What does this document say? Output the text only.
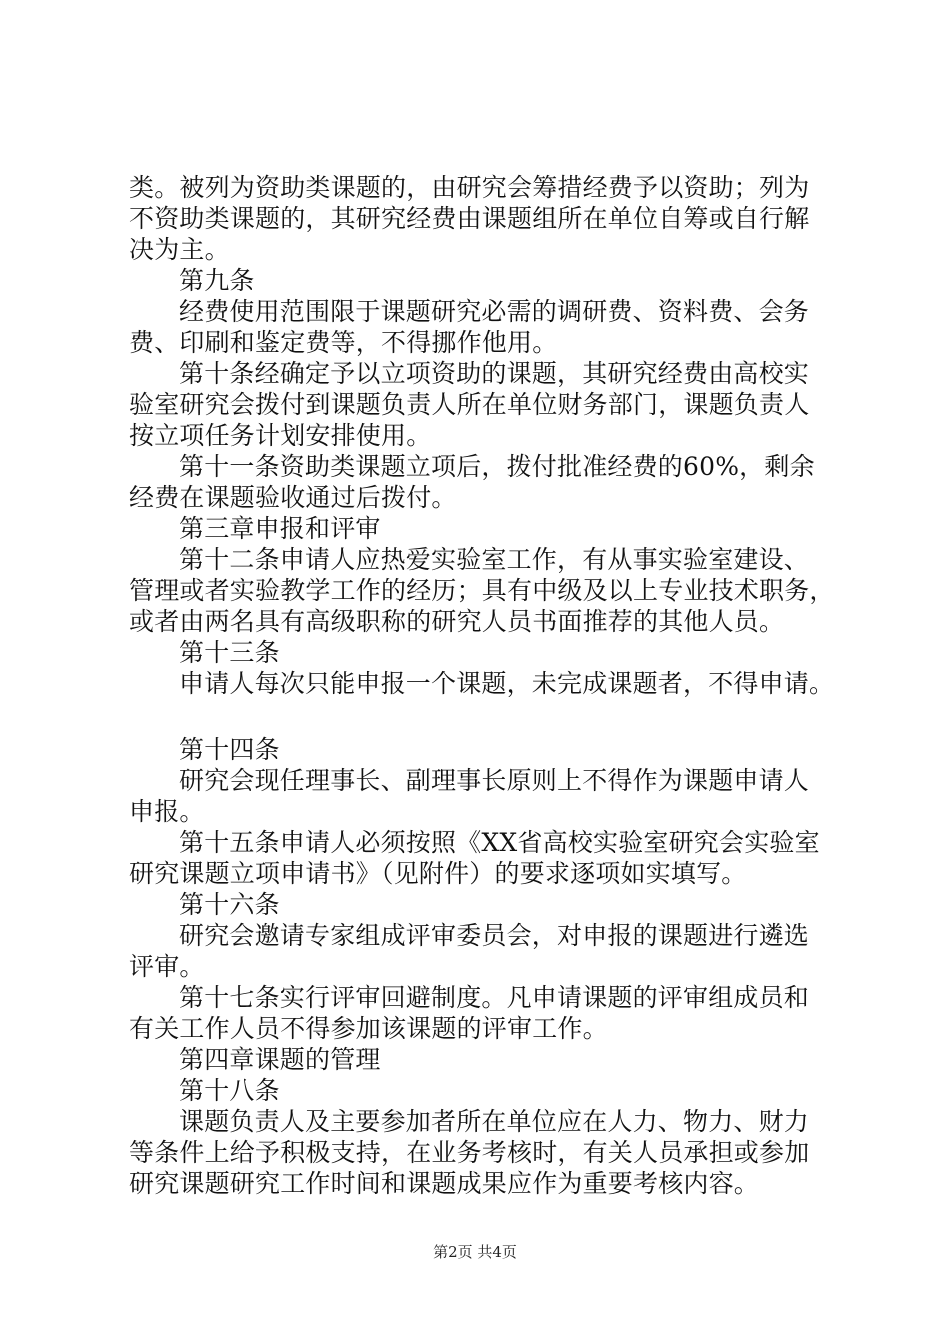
类。被列为资助类课题的，由研究会筹措经费予以资助；列为
不资助类课题的，其研究经费由课题组所在单位自筹或自行解
决为主。
第九条
经费使用范围限于课题研究必需的调研费、资料费、会务
费、印刷和鉴定费等，不得挪作他用。
第十条经确定予以立项资助的课题，其研究经费由高校实
验室研究会拨付到课题负责人所在单位财务部门，课题负责人
按立项任务计划安排使用。
第十一条资助类课题立项后，拨付批准经费的60%，剩余
经费在课题验收通过后拨付。
第三章申报和评审
第十二条申请人应热爱实验室工作，有从事实验室建设、
管理或者实验教学工作的经历；具有中级及以上专业技术职务，
或者由两名具有高级职称的研究人员书面推荐的其他人员。
第十三条
申请人每次只能申报一个课题，未完成课题者，不得申请。
第十四条
研究会现任理事长、副理事长原则上不得作为课题申请人
申报。
第十五条申请人必须按照《XX省高校实验室研究会实验室
研究课题立项申请书》（见附件）的要求逐项如实填写。
第十六条
研究会邀请专家组成评审委员会，对申报的课题进行遴选
评审。
第十七条实行评审回避制度。凡申请课题的评审组成员和
有关工作人员不得参加该课题的评审工作。
第四章课题的管理
第十八条
课题负责人及主要参加者所在单位应在人力、物力、财力
等条件上给予积极支持，在业务考核时，有关人员承担或参加
研究课题研究工作时间和课题成果应作为重要考核内容。
第2页 共4页
